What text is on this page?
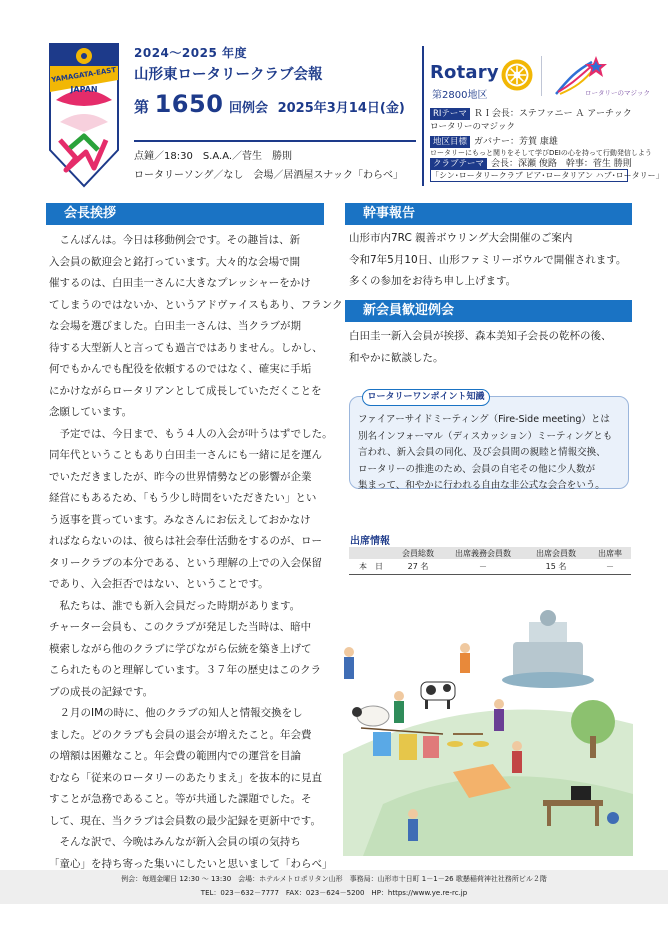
YAMAGATA-EAST
JAPAN
2024～2025 年度
山形東ロータリークラブ会報
第 1650 回例会 2025年3月14日(金)
点鐘／18:30　S.A.A.／菅生　勝則
ロータリーソング／なし　会場／居酒屋スナック「わらべ」
Rotary
第2800地区	ロータリーのマジック
RIテーマ ＲＩ会長：ステファニー Ａ アーチック
ロータリーのマジック
地区目標 ガバナー：芳賀 康雄
ロータリーにもっと関りをそして学びDEIの心を持って行動発信しよう
クラブテーマ 会長：深瀬 俊路　幹事：菅生 勝則
「シン･ロータリークラブ ピア･ロータリアン ハブ･ロータリー」
会長挨拶
　こんばんは。今日は移動例会です。その趣旨は、新
入会員の歓迎会と銘打っています。大々的な会場で開
催するのは、白田圭一さんに大きなプレッシャーをかけ
てしまうのではないか、というアドヴァイスもあり、フランク
な会場を選びました。白田圭一さんは、当クラブが期
待する大型新人と言っても過言ではありません。しかし、
何でもかんでも配役を依頼するのではなく、確実に手垢
にかけながらロータリアンとして成長していただくことを
念願しています。
　予定では、今日まで、もう４人の入会が叶うはずでした。
同年代ということもあり白田圭一さんにも一緒に足を運ん
でいただきましたが、昨今の世界情勢などの影響が企業
経営にもあるため、「もう少し時間をいただきたい」とい
う返事を貰っています。みなさんにお伝えしておかなけ
ればならないのは、彼らは社会奉仕活動をするのが、ロー
タリークラブの本分である、という理解の上での入会保留
であり、入会拒否ではない、ということです。
　私たちは、誰でも新入会員だった時期があります。
チャーター会員も、このクラブが発足した当時は、暗中
模索しながら他のクラブに学びながら伝統を築き上げて
こられたものと理解しています。３７年の歴史はこのクラ
ブの成長の記録です。
　２月のIMの時に、他のクラブの知人と情報交換をし
ました。どのクラブも会員の退会が増えたこと。年会費
の増額は困難なこと。年会費の範囲内での運営を目論
むなら「従来のロータリーのあたりまえ」を抜本的に見直
すことが急務であること。等が共通した課題でした。そ
して、現在、当クラブは会員数の最少記録を更新中です。
　そんな訳で、今晩はみんなが新入会員の頃の気持ち
「童心」を持ち寄った集いにしたいと思いまして「わらべ」
幹事報告
山形市内7RC 親善ボウリング大会開催のご案内
令和7年5月10日、山形ファミリーボウルで開催されます。
多くの参加をお待ち申し上げます。
新会員歓迎例会
白田圭一新入会員が挨拶、森本美知子会長の乾杯の後、
和やかに歓談した。
ロータリーワンポイント知識
ファイアーサイドミーティング（Fire-Side meeting）とは
別名インフォーマル（ディスカッション）ミーティングとも
言われ、新入会員の同化、及び会員間の親睦と情報交換、
ロータリーの推進のため、会員の自宅その他に少人数が
集まって、和やかに行われる自由な非公式な会合をいう。
出席情報
	会員総数	出席義務会員数	出席会員数	出席率
本　日	27 名	－	15 名	－
例会：毎週金曜日 12:30 ～ 13:30　会場：ホテルメトロポリタン山形　事務局：山形市十日町 1－1－26 歌懸稲荷神社社務所ビル２階
TEL：023－632－7777　FAX：023－624－5200　HP：https://www.ye.re-rc.jp
